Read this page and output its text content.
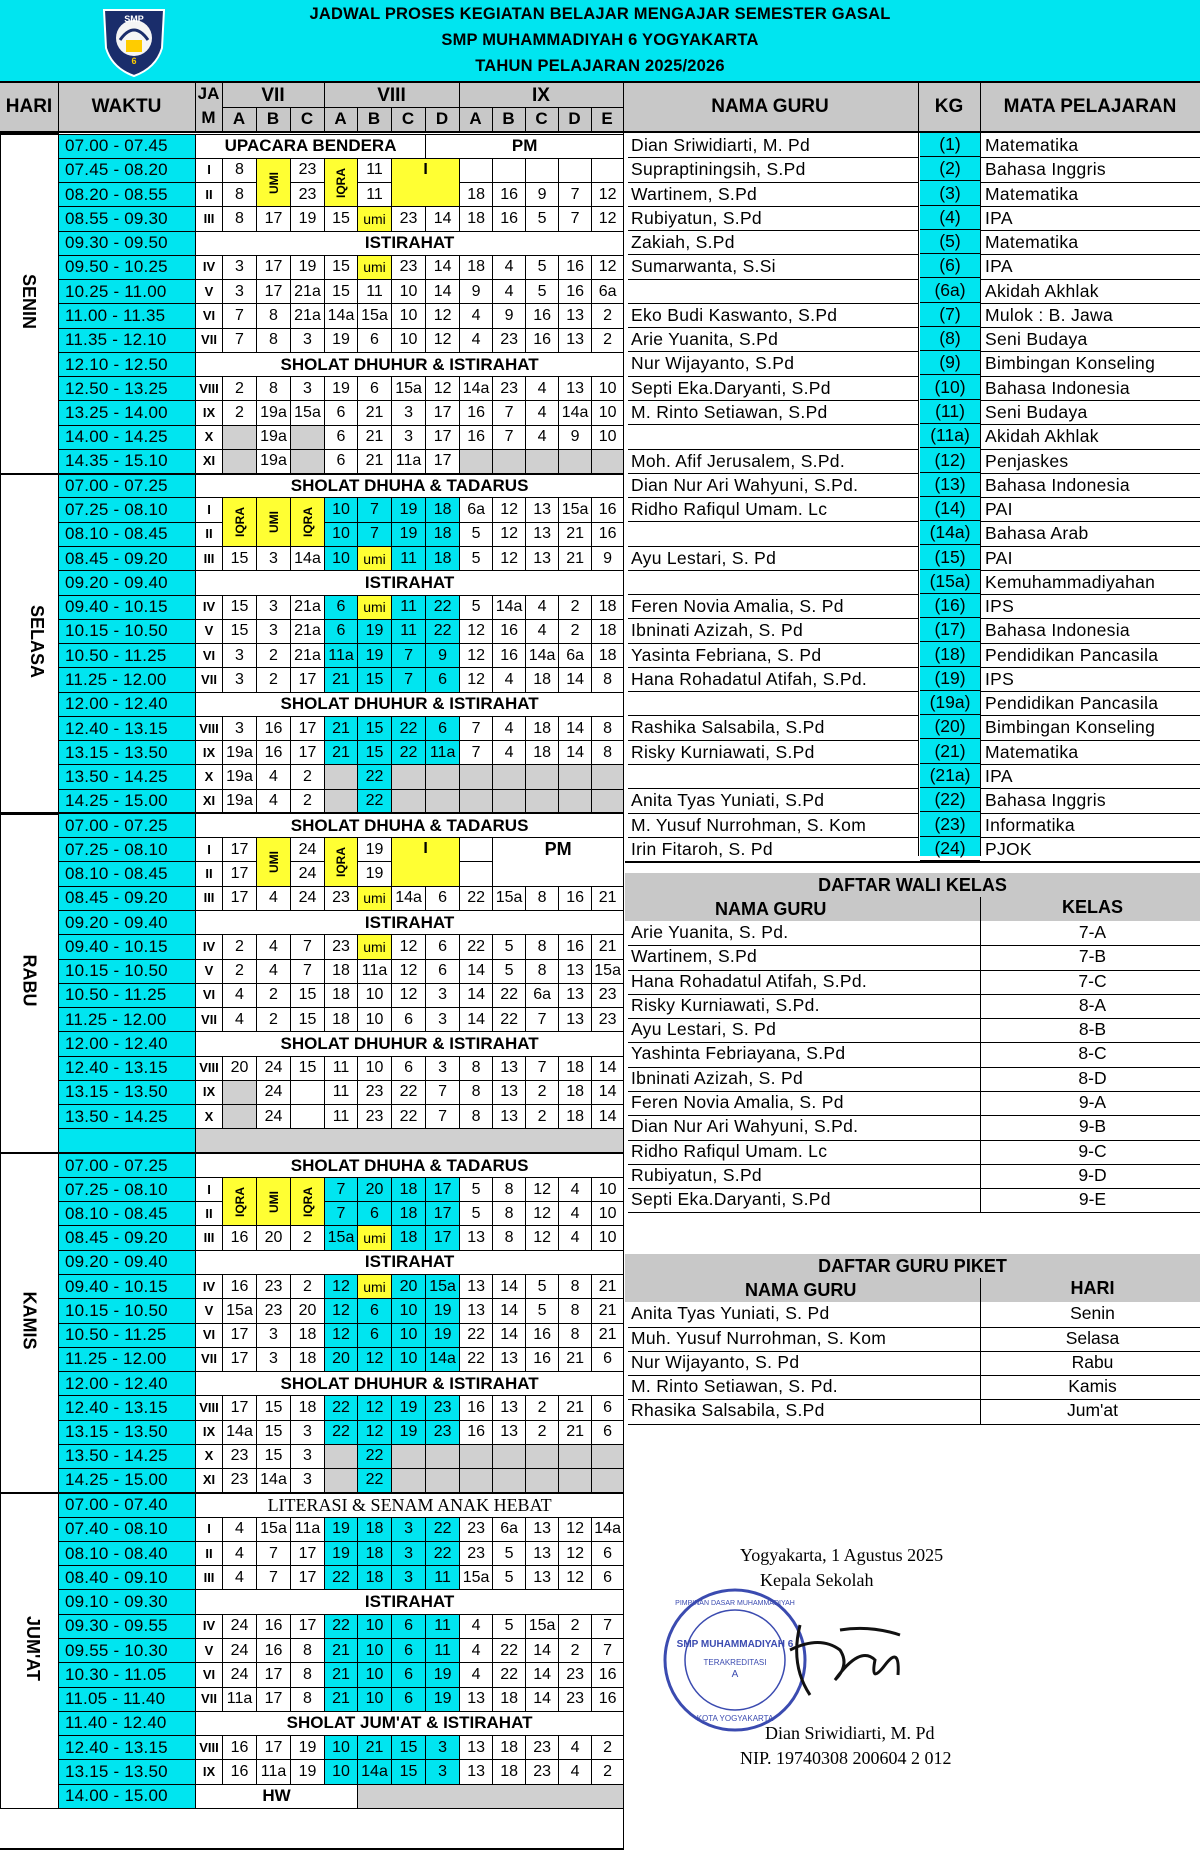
SMP
6
JADWAL PROSES KEGIATAN BELAJAR MENGAJAR SEMESTER GASAL
SMP MUHAMMADIYAH 6 YOGYAKARTA
TAHUN PELAJARAN 2025/2026
HARI	WAKTU
JA
M
VII	VIII	IX
A	B	C	A	B	C	D	A	B	C	D	E
NAMA GURU	KG	MATA PELAJARAN
	07.00 - 07.45	UPACARA BENDERA							PM					
	07.45 - 08.20	I	8	UMI	23	IQRA	11	I						
	08.20 - 08.55	II	8		23		11			18	16	9	7	12
	08.55 - 09.30	III	8	17	19	15	umi	23	14	18	16	5	7	12
	09.30 - 09.50	ISTIRAHAT												
	09.50 - 10.25	IV	3	17	19	15	umi	23	14	18	4	5	16	12
	10.25 - 11.00	V	3	17	21a	15	11	10	14	9	4	5	16	6a
	11.00 - 11.35	VI	7	8	21a	14a	15a	10	12	4	9	16	13	2
	11.35 - 12.10	VII	7	8	3	19	6	10	12	4	23	16	13	2
	12.10 - 12.50	SHOLAT DHUHUR & ISTIRAHAT												
	12.50 - 13.25	VIII	2	8	3	19	6	15a	12	14a	23	4	13	10
	13.25 - 14.00	IX	2	19a	15a	6	21	3	17	16	7	4	14a	10
	14.00 - 14.25	X		19a		6	21	3	17	16	7	4	9	10
	14.35 - 15.10	XI		19a		6	21	11a	17					
	07.00 - 07.25	SHOLAT DHUHA & TADARUS												
	07.25 - 08.10	I	IQRA	UMI	IQRA	10	7	19	18	6a	12	13	15a	16
	08.10 - 08.45	II				10	7	19	18	5	12	13	21	16
	08.45 - 09.20	III	15	3	14a	10	umi	11	18	5	12	13	21	9
	09.20 - 09.40	ISTIRAHAT												
	09.40 - 10.15	IV	15	3	21a	6	umi	11	22	5	14a	4	2	18
	10.15 - 10.50	V	15	3	21a	6	19	11	22	12	16	4	2	18
	10.50 - 11.25	VI	3	2	21a	11a	19	7	9	12	16	14a	6a	18
	11.25 - 12.00	VII	3	2	17	21	15	7	6	12	4	18	14	8
	12.00 - 12.40	SHOLAT DHUHUR & ISTIRAHAT												
	12.40 - 13.15	VIII	3	16	17	21	15	22	6	7	4	18	14	8
	13.15 - 13.50	IX	19a	16	17	21	15	22	11a	7	4	18	14	8
	13.50 - 14.25	X	19a	4	2		22							
	14.25 - 15.00	XI	19a	4	2		22							
	07.00 - 07.25	SHOLAT DHUHA & TADARUS												
	07.25 - 08.10	I	17	UMI	24	IQRA	19	I			PM			
	08.10 - 08.45	II	17		24		19							
	08.45 - 09.20	III	17	4	24	23	umi	14a	6	22	15a	8	16	21
	09.20 - 09.40	ISTIRAHAT												
	09.40 - 10.15	IV	2	4	7	23	umi	12	6	22	5	8	16	21
	10.15 - 10.50	V	2	4	7	18	11a	12	6	14	5	8	13	15a
	10.50 - 11.25	VI	4	2	15	18	10	12	3	14	22	6a	13	23
	11.25 - 12.00	VII	4	2	15	18	10	6	3	14	22	7	13	23
	12.00 - 12.40	SHOLAT DHUHUR & ISTIRAHAT												
	12.40 - 13.15	VIII	20	24	15	11	10	6	3	8	13	7	18	14
	13.15 - 13.50	IX		24		11	23	22	7	8	13	2	18	14
	13.50 - 14.25	X		24		11	23	22	7	8	13	2	18	14

	07.00 - 07.25	SHOLAT DHUHA & TADARUS												
	07.25 - 08.10	I	IQRA	UMI	IQRA	7	20	18	17	5	8	12	4	10
	08.10 - 08.45	II				7	6	18	17	5	8	12	4	10
	08.45 - 09.20	III	16	20	2	15a	umi	18	17	13	8	12	4	10
	09.20 - 09.40	ISTIRAHAT												
	09.40 - 10.15	IV	16	23	2	12	umi	20	15a	13	14	5	8	21
	10.15 - 10.50	V	15a	23	20	12	6	10	19	13	14	5	8	21
	10.50 - 11.25	VI	17	3	18	12	6	10	19	22	14	16	8	21
	11.25 - 12.00	VII	17	3	18	20	12	10	14a	22	13	16	21	6
	12.00 - 12.40	SHOLAT DHUHUR & ISTIRAHAT												
	12.40 - 13.15	VIII	17	15	18	22	12	19	23	16	13	2	21	6
	13.15 - 13.50	IX	14a	15	3	22	12	19	23	16	13	2	21	6
	13.50 - 14.25	X	23	15	3		22							
	14.25 - 15.00	XI	23	14a	3		22							
	07.00 - 07.40	LITERASI & SENAM ANAK HEBAT												
	07.40 - 08.10	I	4	15a	11a	19	18	3	22	23	6a	13	12	14a
	08.10 - 08.40	II	4	7	17	19	18	3	22	23	5	13	12	6
	08.40 - 09.10	III	4	7	17	22	18	3	11	15a	5	13	12	6
	09.10 - 09.30	ISTIRAHAT												
	09.30 - 09.55	IV	24	16	17	22	10	6	11	4	5	15a	2	7
	09.55 - 10.30	V	24	16	8	21	10	6	11	4	22	14	2	7
	10.30 - 11.05	VI	24	17	8	21	10	6	19	4	22	14	23	16
	11.05 - 11.40	VII	11a	17	8	21	10	6	19	13	18	14	23	16
	11.40 - 12.40	SHOLAT JUM'AT & ISTIRAHAT												
	12.40 - 13.15	VIII	16	17	19	10	21	15	3	13	18	23	4	2
	13.15 - 13.50	IX	16	11a	19	10	14a	15	3	13	18	23	4	2
	14.00 - 15.00	HW												
SENIN
SELASA
RABU
KAMIS
JUM'AT
Dian Sriwidiarti, M. Pd	(1)	Matematika
Supraptiningsih, S.Pd	(2)	Bahasa Inggris
Wartinem, S.Pd	(3)	Matematika
Rubiyatun, S.Pd	(4)	IPA
Zakiah, S.Pd	(5)	Matematika
Sumarwanta, S.Si	(6)	IPA
(6a)	Akidah Akhlak
Eko Budi Kaswanto, S.Pd	(7)	Mulok : B. Jawa
Arie Yuanita, S.Pd	(8)	Seni Budaya
Nur Wijayanto, S.Pd	(9)	Bimbingan Konseling
Septi Eka.Daryanti, S.Pd	(10)	Bahasa Indonesia
M. Rinto Setiawan, S.Pd	(11)	Seni Budaya
(11a) Akidah Akhlak
Moh. Afif Jerusalem, S.Pd.	(12)	Penjaskes
Dian Nur Ari Wahyuni, S.Pd.	(13)	Bahasa Indonesia
Ridho Rafiqul Umam. Lc	(14)	PAI
(14a) Bahasa Arab
Ayu Lestari, S. Pd	(15)	PAI
(15a) Kemuhammadiyahan
Feren Novia Amalia, S. Pd	(16)	IPS
Ibninati Azizah, S. Pd	(17)	Bahasa Indonesia
Yasinta Febriana, S. Pd	(18)	Pendidikan Pancasila
Hana Rohadatul Atifah, S.Pd.	(19)	IPS
(19a) Pendidikan Pancasila
Rashika Salsabila, S.Pd	(20)	Bimbingan Konseling
Risky Kurniawati, S.Pd	(21)	Matematika
(21a) IPA
Anita Tyas Yuniati, S.Pd	(22)	Bahasa Inggris
M. Yusuf Nurrohman, S. Kom	(23)	Informatika
Irin Fitaroh, S. Pd	(24)	PJOK
DAFTAR WALI KELAS
NAMA GURU	KELAS
Arie Yuanita, S. Pd.	7-A
Wartinem, S.Pd	7-B
Hana Rohadatul Atifah, S.Pd.	7-C
Risky Kurniawati, S.Pd.	8-A
Ayu Lestari, S. Pd	8-B
Yashinta Febriayana, S.Pd	8-C
Ibninati Azizah, S. Pd	8-D
Feren Novia Amalia, S. Pd	9-A
Dian Nur Ari Wahyuni, S.Pd.	9-B
Ridho Rafiqul Umam. Lc	9-C
Rubiyatun, S.Pd	9-D
Septi Eka.Daryanti, S.Pd	9-E
DAFTAR GURU PIKET
NAMA GURU	HARI
Anita Tyas Yuniati, S. Pd	Senin
Muh. Yusuf Nurrohman, S. Kom	Selasa
Nur Wijayanto, S. Pd	Rabu
M. Rinto Setiawan, S. Pd.	Kamis
Rhasika Salsabila, S.Pd	Jum'at
Yogyakarta, 1 Agustus 2025
Kepala Sekolah
SMP MUHAMMADIYAH 6
TERAKREDITASI
A
KOTA YOGYAKARTA
PIMPINAN DASAR MUHAMMADIYAH
Dian Sriwidiarti, M. Pd
NIP. 19740308 200604 2 012
